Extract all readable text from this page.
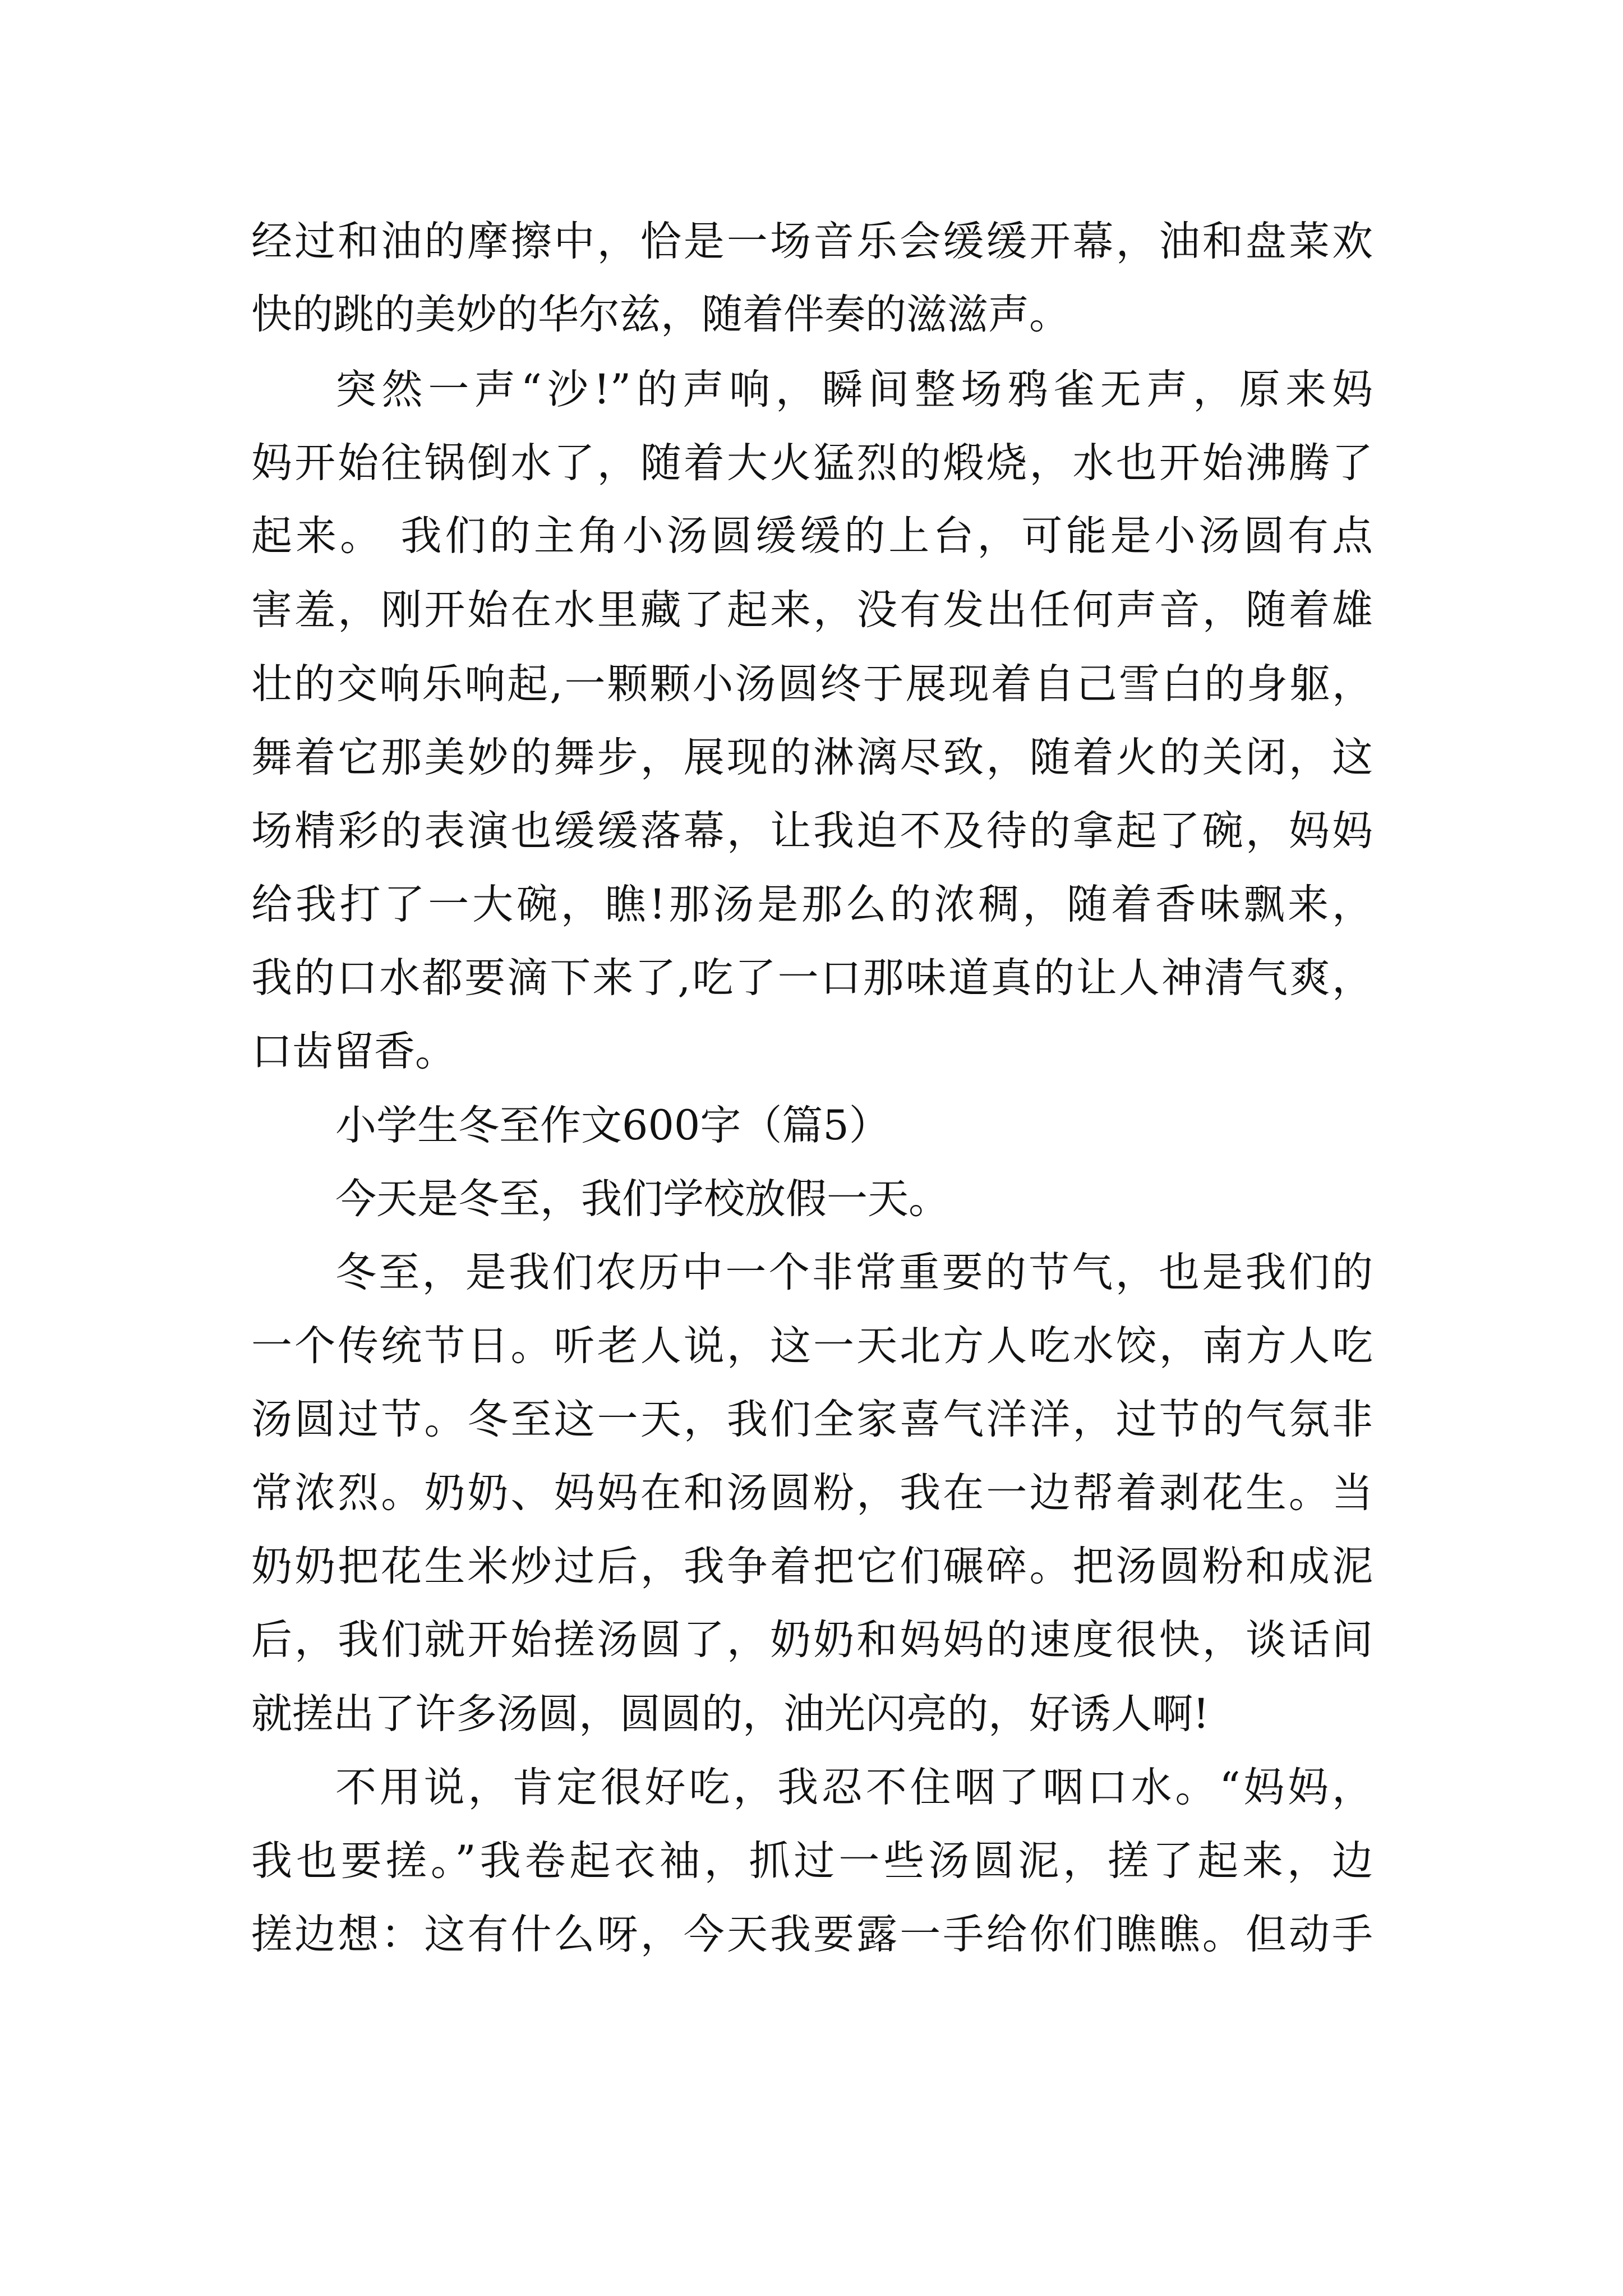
经过和油的摩擦中，恰是一场音乐会缓缓开幕，油和盘菜欢
快的跳的美妙的华尔兹，随着伴奏的滋滋声。
突然一声“沙!”的声响，瞬间整场鸦雀无声，原来妈
妈开始往锅倒水了，随着大火猛烈的煅烧，水也开始沸腾了
起来。 我们的主角小汤圆缓缓的上台，可能是小汤圆有点
害羞，刚开始在水里藏了起来，没有发出任何声音，随着雄
壮的交响乐响起,一颗颗小汤圆终于展现着自己雪白的身躯，
舞着它那美妙的舞步，展现的淋漓尽致，随着火的关闭，这
场精彩的表演也缓缓落幕，让我迫不及待的拿起了碗，妈妈
给我打了一大碗，瞧!那汤是那么的浓稠，随着香味飘来，
我的口水都要滴下来了,吃了一口那味道真的让人神清气爽，
口齿留香。
小学生冬至作文600字（篇5）
今天是冬至，我们学校放假一天。
冬至，是我们农历中一个非常重要的节气，也是我们的
一个传统节日。听老人说，这一天北方人吃水饺，南方人吃
汤圆过节。冬至这一天，我们全家喜气洋洋，过节的气氛非
常浓烈。奶奶、妈妈在和汤圆粉，我在一边帮着剥花生。当
奶奶把花生米炒过后，我争着把它们碾碎。把汤圆粉和成泥
后，我们就开始搓汤圆了，奶奶和妈妈的速度很快，谈话间
就搓出了许多汤圆，圆圆的，油光闪亮的，好诱人啊!
不用说，肯定很好吃，我忍不住咽了咽口水。“妈妈，
我也要搓。”我卷起衣袖，抓过一些汤圆泥，搓了起来，边
搓边想：这有什么呀，今天我要露一手给你们瞧瞧。但动手
